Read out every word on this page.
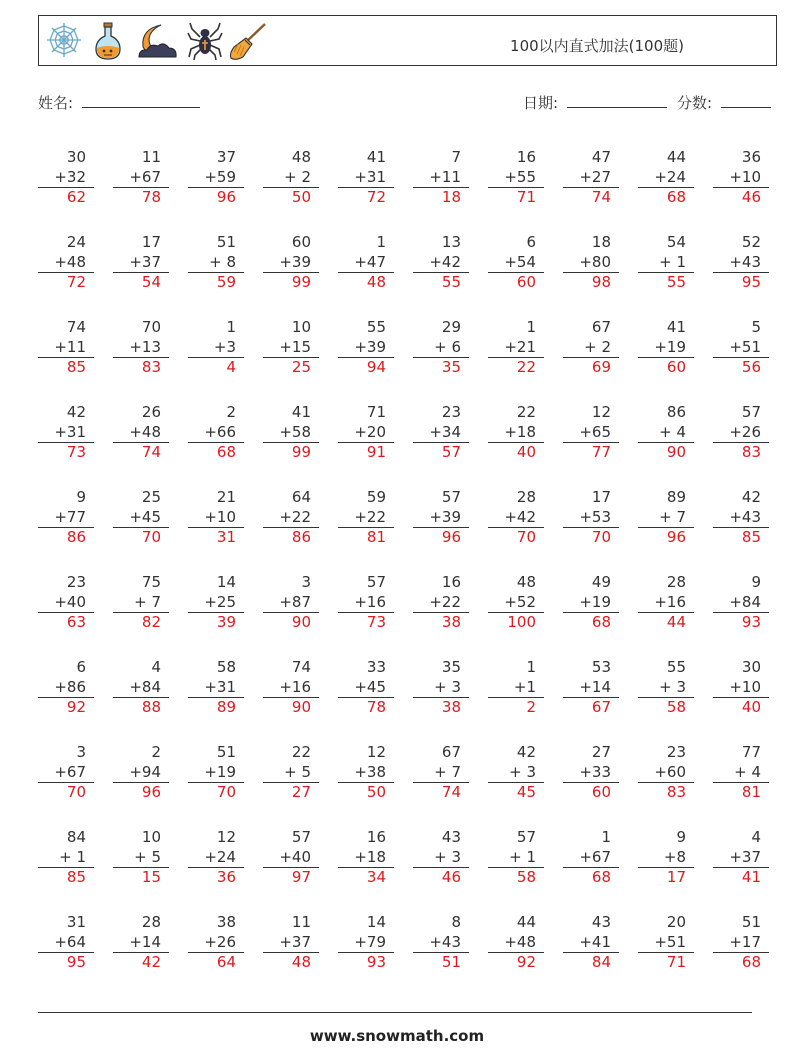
100以内直式加法(100题)
姓名:	日期:	分数:
30
+32
62
11
+67
78
37
+59
96
48
+ 2
50
41
+31
72
7
+11
18
16
+55
71
47
+27
74
44
+24
68
36
+10
46
24
+48
72
17
+37
54
51
+ 8
59
60
+39
99
1
+47
48
13
+42
55
6
+54
60
18
+80
98
54
+ 1
55
52
+43
95
74
+11
85
70
+13
83
1
+3
4
10
+15
25
55
+39
94
29
+ 6
35
1
+21
22
67
+ 2
69
41
+19
60
5
+51
56
42
+31
73
26
+48
74
2
+66
68
41
+58
99
71
+20
91
23
+34
57
22
+18
40
12
+65
77
86
+ 4
90
57
+26
83
9
+77
86
25
+45
70
21
+10
31
64
+22
86
59
+22
81
57
+39
96
28
+42
70
17
+53
70
89
+ 7
96
42
+43
85
23
+40
63
75
+ 7
82
14
+25
39
3
+87
90
57
+16
73
16
+22
38
48
+52
100
49
+19
68
28
+16
44
9
+84
93
6
+86
92
4
+84
88
58
+31
89
74
+16
90
33
+45
78
35
+ 3
38
1
+1
2
53
+14
67
55
+ 3
58
30
+10
40
3
+67
70
2
+94
96
51
+19
70
22
+ 5
27
12
+38
50
67
+ 7
74
42
+ 3
45
27
+33
60
23
+60
83
77
+ 4
81
84
+ 1
85
10
+ 5
15
12
+24
36
57
+40
97
16
+18
34
43
+ 3
46
57
+ 1
58
1
+67
68
9
+8
17
4
+37
41
31
+64
95
28
+14
42
38
+26
64
11
+37
48
14
+79
93
8
+43
51
44
+48
92
43
+41
84
20
+51
71
51
+17
68
www.snowmath.com
